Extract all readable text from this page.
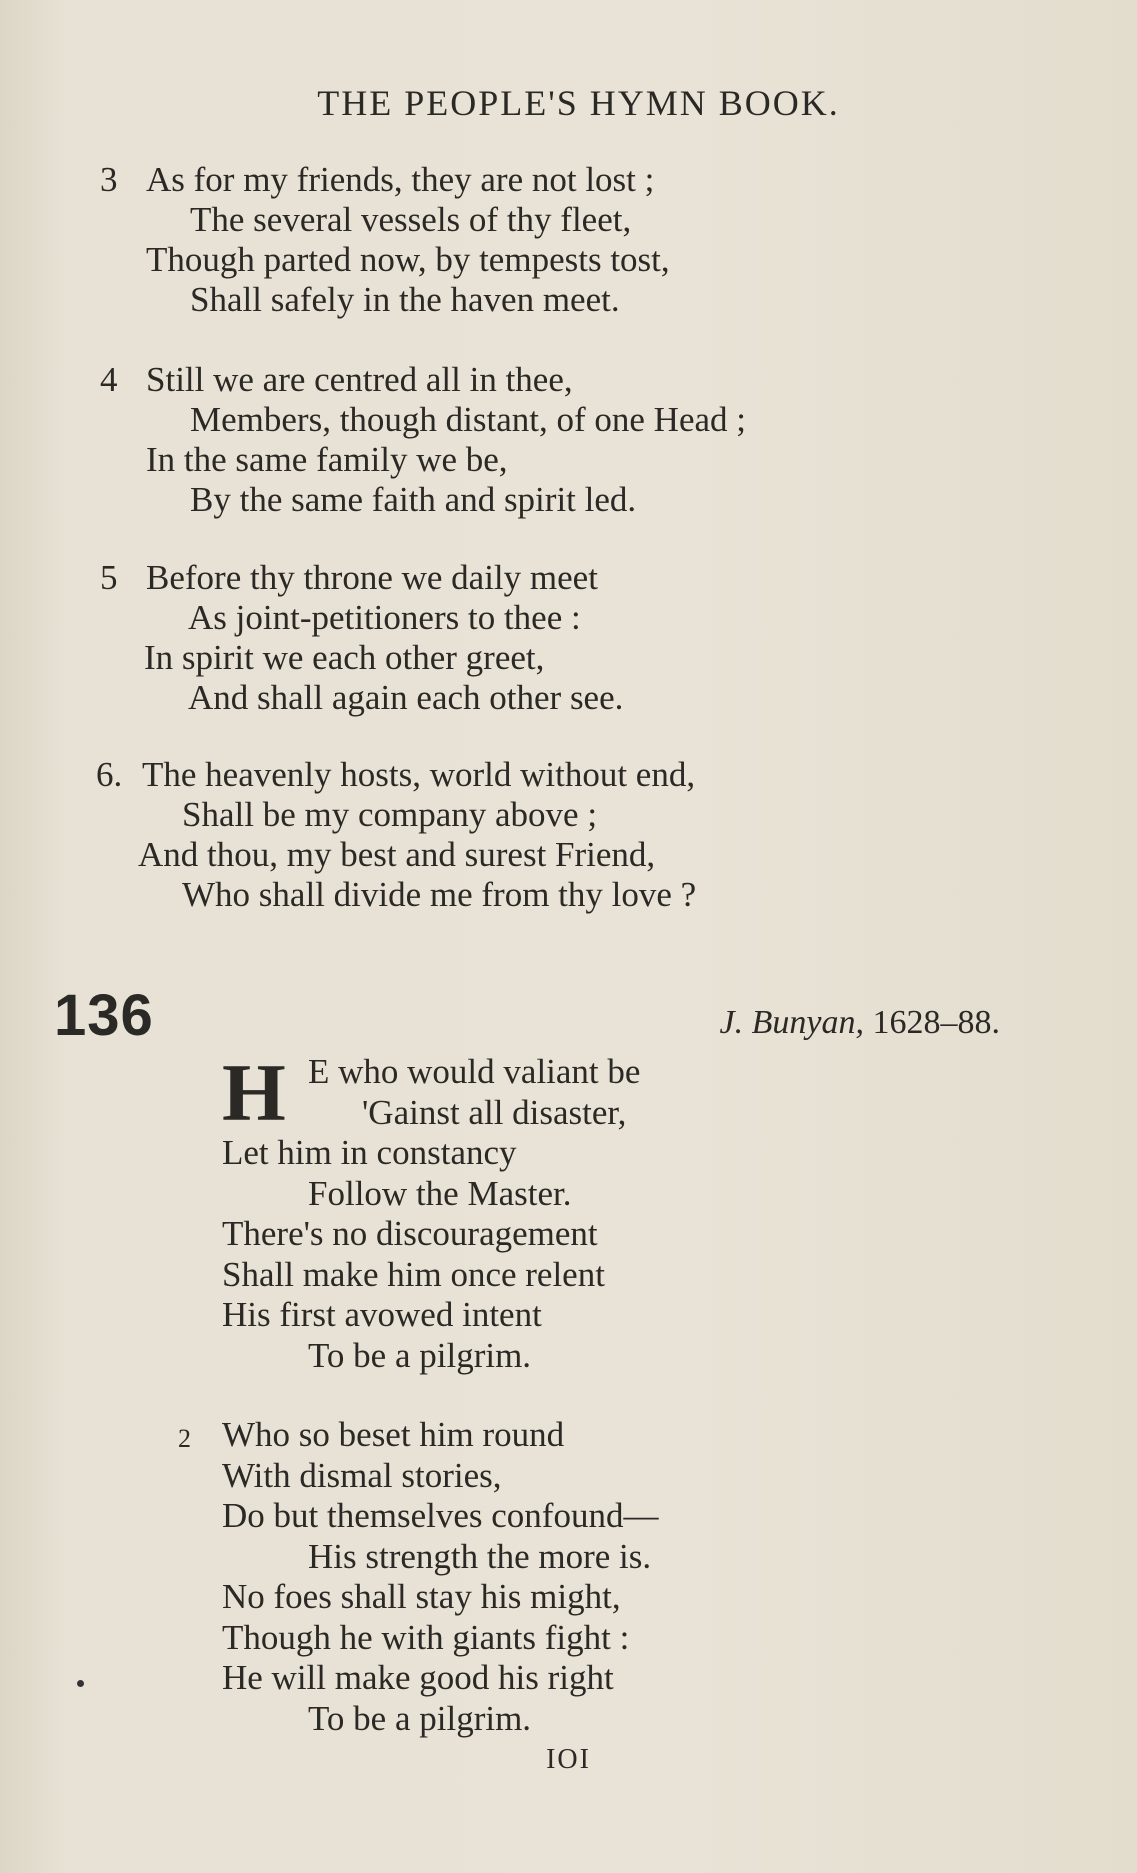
THE PEOPLE'S HYMN BOOK.
3 As for my friends, they are not lost ;
The several vessels of thy fleet,
Though parted now, by tempests tost,
Shall safely in the haven meet.
4 Still we are centred all in thee,
Members, though distant, of one Head ;
In the same family we be,
By the same faith and spirit led.
5 Before thy throne we daily meet
As joint-petitioners to thee :
In spirit we each other greet,
And shall again each other see.
6. The heavenly hosts, world without end,
Shall be my company above ;
And thou, my best and surest Friend,
Who shall divide me from thy love ?
136	J. Bunyan, 1628–88.
H E who would valiant be
'Gainst all disaster,
Let him in constancy
Follow the Master.
There's no discouragement
Shall make him once relent
His first avowed intent
To be a pilgrim.
2 Who so beset him round
With dismal stories,
Do but themselves confound—
His strength the more is.
No foes shall stay his might,
Though he with giants fight :
He will make good his right
To be a pilgrim.
IOI
